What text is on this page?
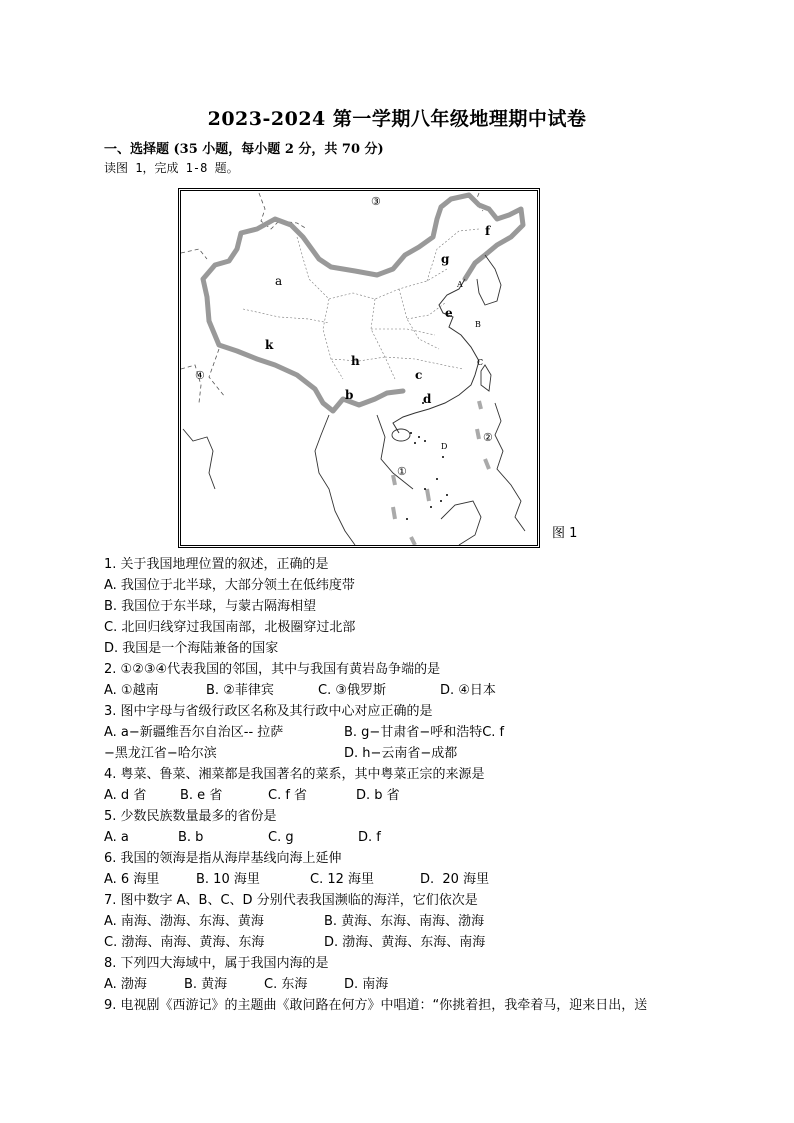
2023-2024 第一学期八年级地理期中试卷
一、选择题 (35 小题，每小题 2 分，共 70 分)
读图 1，完成 1-8 题。
a
k
h
b
c
d
e
f
g
A
B
C
D
①
②
③
④
图 1
1. 关于我国地理位置的叙述，正确的是
A. 我国位于北半球，大部分领土在低纬度带
B. 我国位于东半球，与蒙古隔海相望
C. 北回归线穿过我国南部，北极圈穿过北部
D. 我国是一个海陆兼备的国家
2. ①②③④代表我国的邻国，其中与我国有黄岩岛争端的是
A. ①越南	B. ②菲律宾	C. ③俄罗斯	D. ④日本
3. 图中字母与省级行政区名称及其行政中心对应正确的是
A. a−新疆维吾尔自治区-- 拉萨	B. g−甘肃省−呼和浩特C. f
−黑龙江省−哈尔滨	D. h−云南省−成都
4. 粤菜、鲁菜、湘菜都是我国著名的菜系，其中粤菜正宗的来源是
A. d 省	B. e 省	C. f 省	D. b 省
5. 少数民族数量最多的省份是
A. a	B. b	C. g	D. f
6. 我国的领海是指从海岸基线向海上延伸
A. 6 海里	B. 10 海里	C. 12 海里	D.  20 海里
7. 图中数字 A、B、C、D 分别代表我国濒临的海洋，它们依次是
A. 南海、渤海、东海、黄海	B. 黄海、东海、南海、渤海
C. 渤海、南海、黄海、东海	D. 渤海、黄海、东海、南海
8. 下列四大海域中，属于我国内海的是
A. 渤海	B. 黄海	C. 东海	D. 南海
9. 电视剧《西游记》的主题曲《敢问路在何方》中唱道：“你挑着担，我牵着马，迎来日出，送
